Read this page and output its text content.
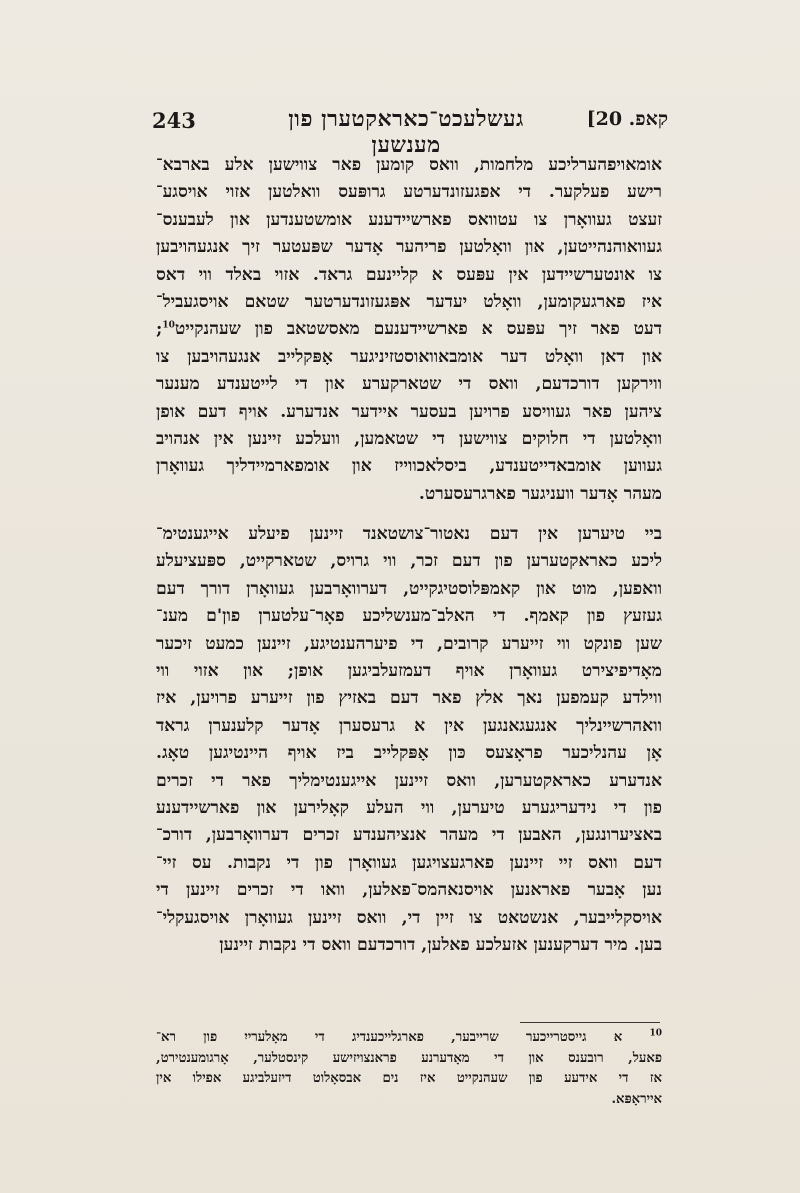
243	געשלעכט־כאראקטערן פון מענשען
קאפ. 20]
אומאויפהערליכע מלחמות, וואס קומען פאר צווישען אלע בארבא־
רישע פעלקער. די אפגעזונדערטע גרופּעס וואלטען אזוי אויסגע־
זעצט געוואָרן צו עטוואס פארשיידענע אומשטענדען און לעבענס־
געוואוהנהייטען, און וואָלטען פריהער אָדער שפּעטער זיך אנגעהויבען
צו אונטערשיידען אין עפּעס א קליינעם גראד. אזוי באלד ווי דאס
איז פארגעקומען, וואָלט יעדער אפּגעזונדערטער שטאם אויסגעביל־
דעט פאר זיך עפּעס א פארשיידענעם מאסשטאב פון שעהנקייט$^{10}$;
און דאן וואָלט דער אומבאוואוסטזיניגער אָפּקלייב אנגעהויבען צו
ווירקען דורכדעם, וואס די שטארקערע און די לייטענדע מענער
ציהען פאר געוויסע פרויען בעסער איידער אנדערע. אויף דעם אופן
וואָלטען די חלוקים צווישען די שטאמען, וועלכע זיינען אין אנהויב
געווען אומבאדייטענדע, ביסלאכווייז און אומפארמיידליך געוואָרן
מעהר אָדער וועניגער פארגרעסערט.
ביי טיערען אין דעם נאטור־צושטאנד זיינען פיעלע אייגענטימ־
ליכע כאראקטערען פון דעם זכר, ווי גרויס, שטארקייט, ספּעציעלע
וואפען, מוט און קאמפּלוסטיגקייט, דערוואָרבען געוואָרן דורך דעם
געזעץ פון קאמף. די האלב־מענשליכע פאָר־עלטערן פון'ם מענ־
שען פונקט ווי זייערע קרובים, די פיערהענטיגע, זיינען כמעט זיכער
מאָדיפיצירט געוואָרן אויף דעמזעלביגען אופן; און אזוי ווי
ווילדע קעמפען נאך אלץ פאר דעם באזיץ פון זייערע פרויען, איז
וואהרשיינליך אנגעגאנגען אין א גרעסערן אָדער קלענערן גראד
אָן עהנליכער פראָצעס כּון אָפּקלייב ביז אויף היינטיגען טאָג.
אנדערע כאראקטערען, וואס זיינען אייגענטימליך פאר די זכרים
פון די נידעריגערע טיערען, ווי העלע קאָלירען און פארשיידענע
באציערונגען, האבען די מעהר אנציהענדע זכרים דערוואָרבען, דורכ־
דעם וואס זיי זיינען פארגעצויגען געוואָרן פון די נקבות. עס זיי־
נען אָבער פאראנען אויסנאהמס־פאלען, וואו די זכרים זיינען די
אויסקלייבער, אנשטאט צו זיין די, וואס זיינען געוואָרן אויסגעקלי־
בען. מיר דערקענען אזעלכע פאלען, דורכדעם וואס די נקבות זיינען
$^{10}$ א גייסטרייכער שרייבער, פארגלייכענדיג די מאָלערייִ פון רא־
פאעל, רובענס און די מאָדערנע פראנצויזישע קינסטלער, אָרגומענטירט,
אז די אידעע פון שעהנקייט איז נים אבסאָלוט דיזעלביגע אפילו אין
אייראָפּא.
